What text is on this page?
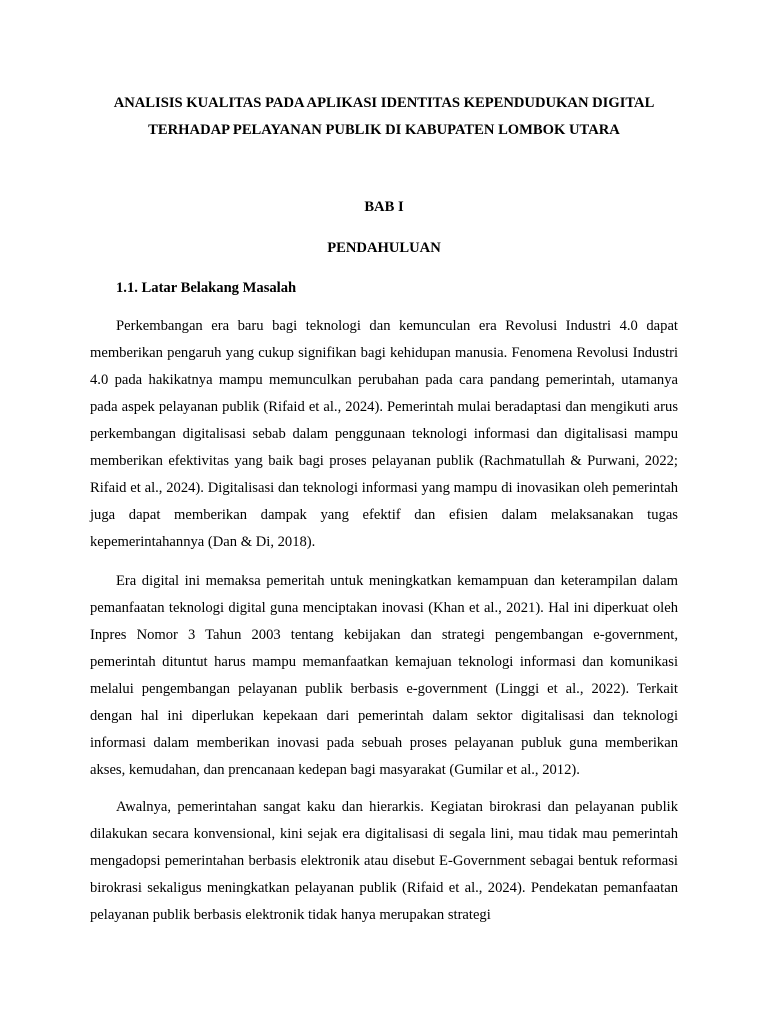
ANALISIS KUALITAS PADA APLIKASI IDENTITAS KEPENDUDUKAN DIGITAL
TERHADAP PELAYANAN PUBLIK DI KABUPATEN LOMBOK UTARA
BAB I
PENDAHULUAN
1.1. Latar Belakang Masalah

Perkembangan era baru bagi teknologi dan kemunculan era Revolusi Industri 4.0 dapat memberikan pengaruh yang cukup signifikan bagi kehidupan manusia. Fenomena Revolusi Industri 4.0 pada hakikatnya mampu memunculkan perubahan pada cara pandang pemerintah, utamanya pada aspek pelayanan publik (Rifaid et al., 2024). Pemerintah mulai beradaptasi dan mengikuti arus perkembangan digitalisasi sebab dalam penggunaan teknologi informasi dan digitalisasi mampu memberikan efektivitas yang baik bagi proses pelayanan publik (Rachmatullah & Purwani, 2022; Rifaid et al., 2024). Digitalisasi dan teknologi informasi yang mampu di inovasikan oleh pemerintah juga dapat memberikan dampak yang efektif dan efisien dalam melaksanakan tugas kepemerintahannya (Dan & Di, 2018).

Era digital ini memaksa pemeritah untuk meningkatkan kemampuan dan keterampilan dalam pemanfaatan teknologi digital guna menciptakan inovasi (Khan et al., 2021). Hal ini diperkuat oleh Inpres Nomor 3 Tahun 2003 tentang kebijakan dan strategi pengembangan e-government, pemerintah dituntut harus mampu memanfaatkan kemajuan teknologi informasi dan komunikasi melalui pengembangan pelayanan publik berbasis e-government (Linggi et al., 2022). Terkait dengan hal ini diperlukan kepekaan dari pemerintah dalam sektor digitalisasi dan teknologi informasi dalam memberikan inovasi pada sebuah proses pelayanan publuk guna memberikan akses, kemudahan, dan prencanaan kedepan bagi masyarakat (Gumilar et al., 2012).

Awalnya, pemerintahan sangat kaku dan hierarkis. Kegiatan birokrasi dan pelayanan publik dilakukan secara konvensional, kini sejak era digitalisasi di segala lini, mau tidak mau pemerintah mengadopsi pemerintahan berbasis elektronik atau disebut E-Government sebagai bentuk reformasi birokrasi sekaligus meningkatkan pelayanan publik (Rifaid et al., 2024). Pendekatan pemanfaatan pelayanan publik berbasis elektronik tidak hanya merupakan strategi
